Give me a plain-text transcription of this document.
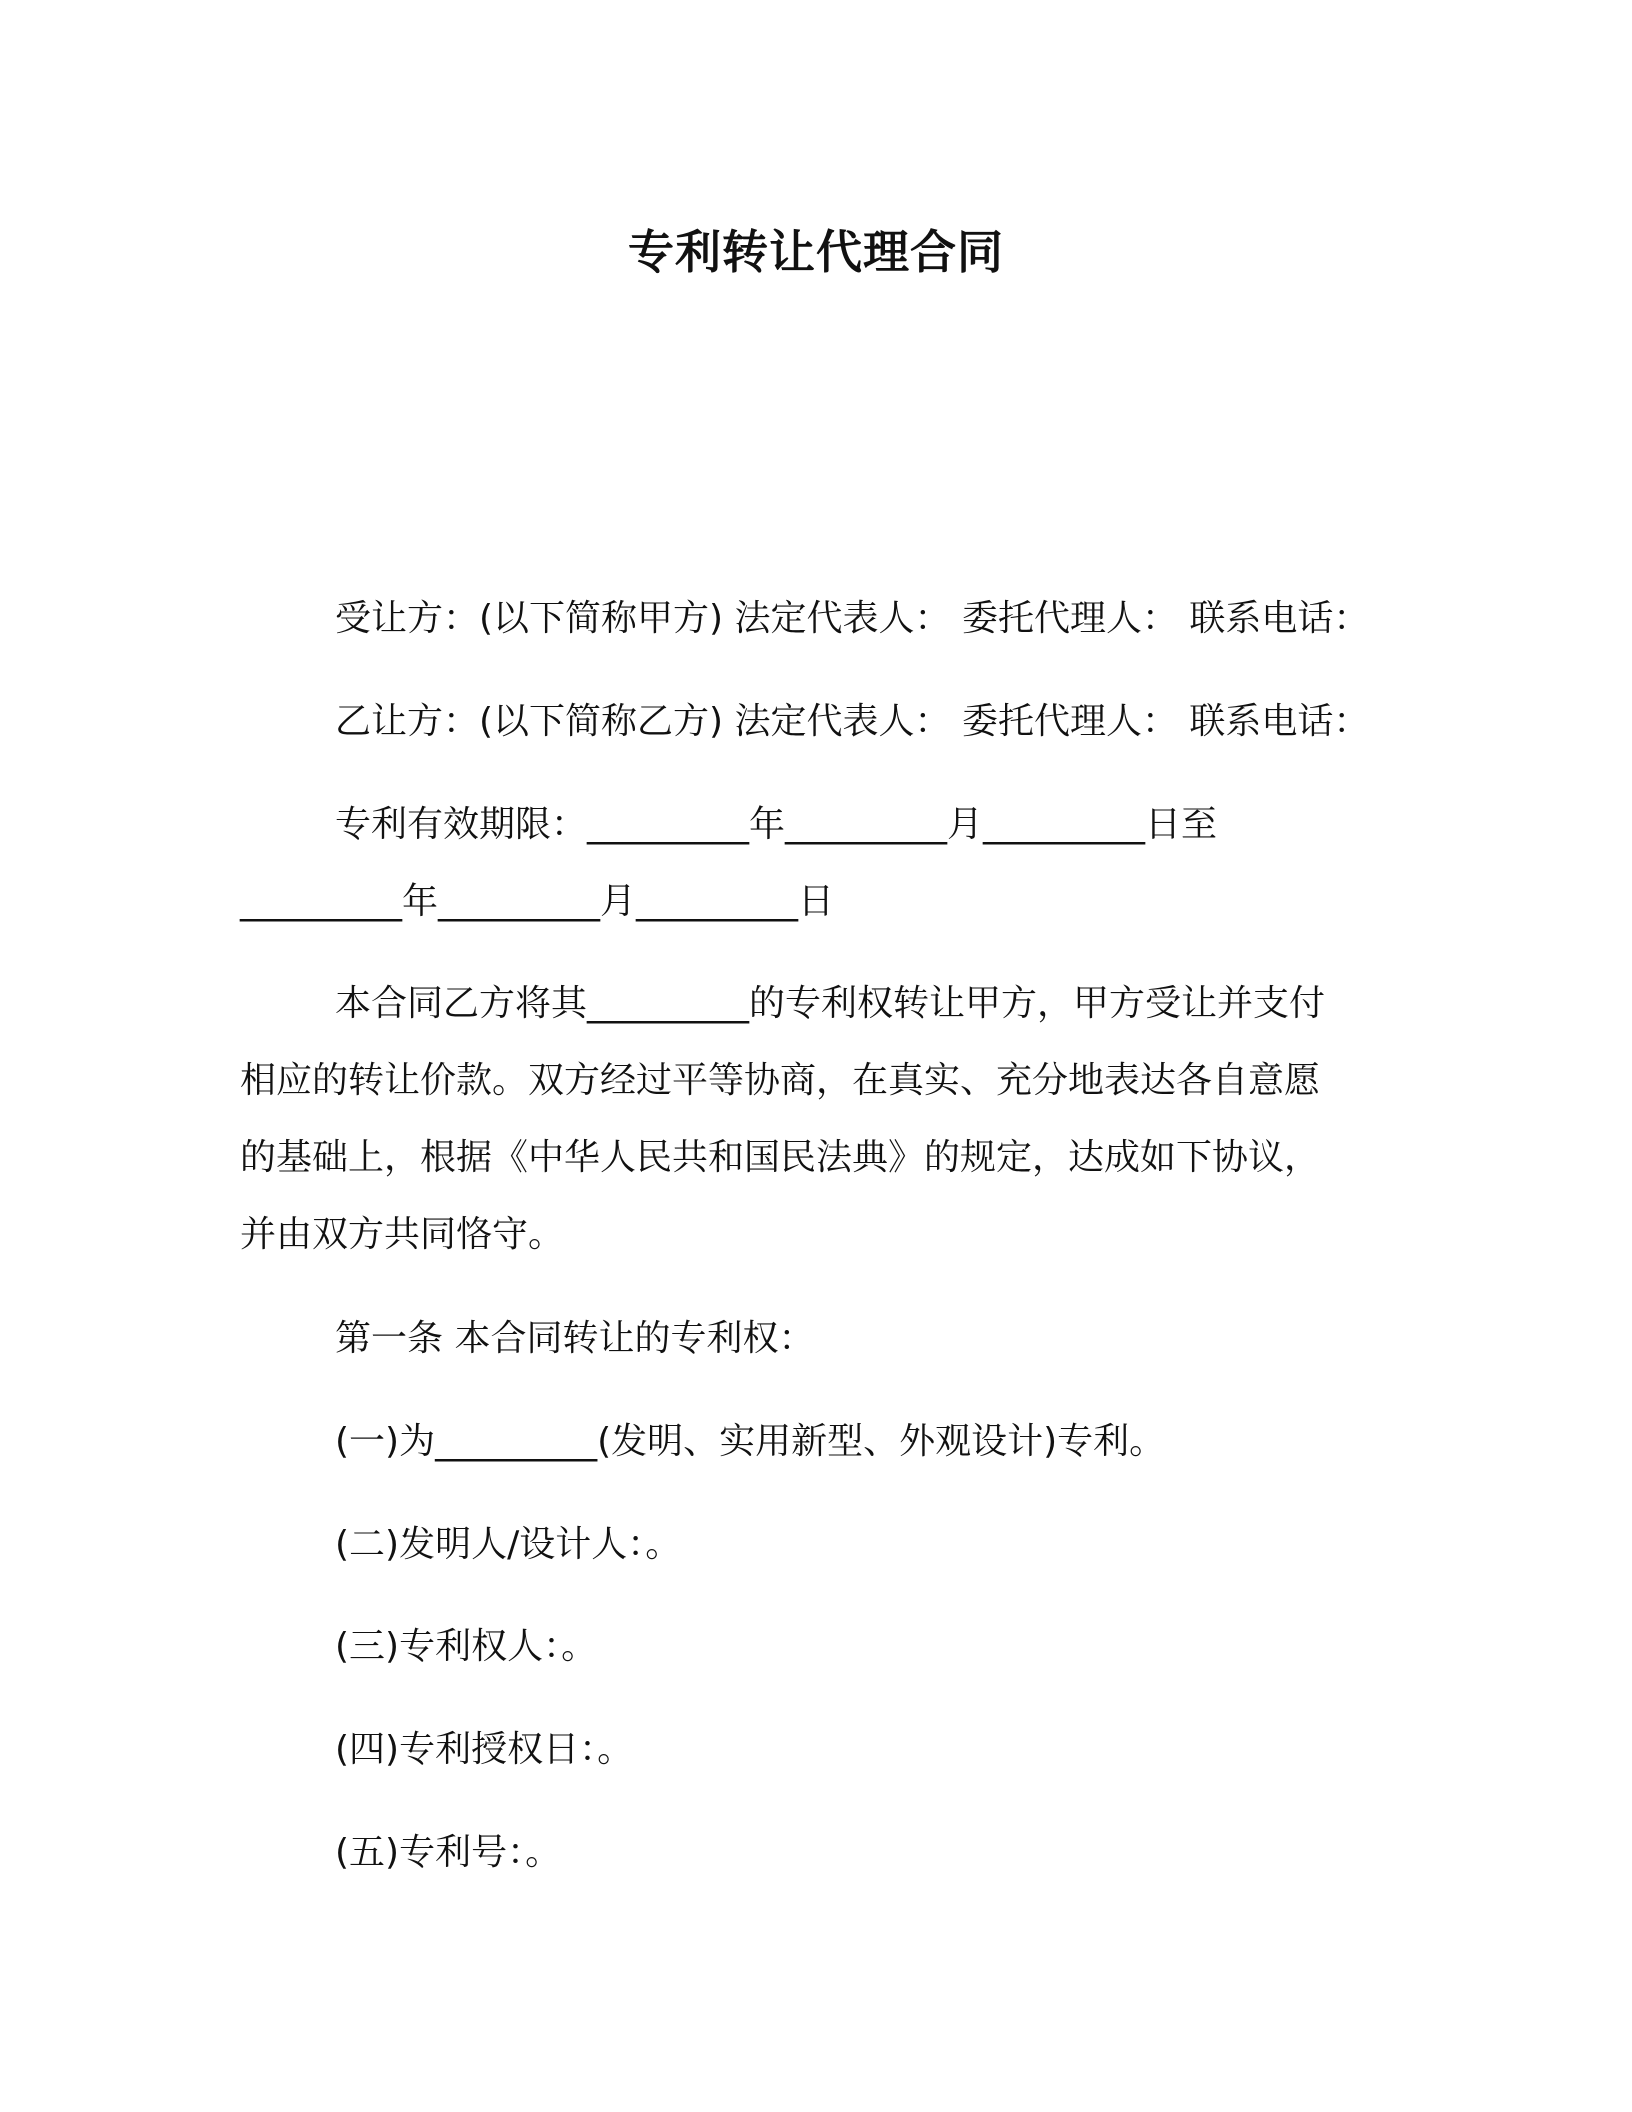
专利转让代理合同
受让方：(以下简称甲方) 法定代表人： 委托代理人： 联系电话：
乙让方：(以下简称乙方) 法定代表人： 委托代理人： 联系电话：
专利有效期限：_________年_________月_________日至
_________年_________月_________日
本合同乙方将其_________的专利权转让甲方，甲方受让并支付
相应的转让价款。双方经过平等协商，在真实、充分地表达各自意愿
的基础上，根据《中华人民共和国民法典》的规定，达成如下协议，
并由双方共同恪守。
第一条 本合同转让的专利权：
(一)为_________(发明、实用新型、外观设计)专利。
(二)发明人/设计人：。
(三)专利权人：。
(四)专利授权日：。
(五)专利号：。
